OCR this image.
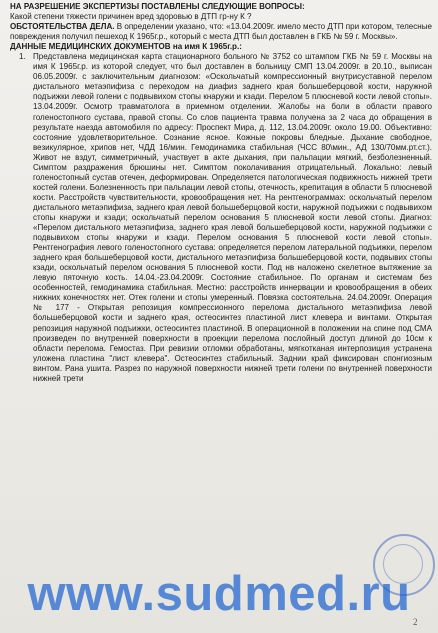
НА РАЗРЕШЕНИЕ ЭКСПЕРТИЗЫ ПОСТАВЛЕНЫ СЛЕДУЮЩИЕ ВОПРОСЫ:

Какой степени тяжести причинен вред здоровью в ДТП гр-ну К ?

ОБСТОЯТЕЛЬСТВА ДЕЛА. В определении указано, что: «13.04.2009г. имело место ДТП при котором, телесные повреждения получил пешеход К 1965г.р., который с места ДТП был доставлен в ГКБ № 59 г. Москвы».

ДАННЫЕ МЕДИЦИНСКИХ ДОКУМЕНТОВ на имя К 1965г.р.:

1. Представлена медицинская карта стационарного больного № 3752 со штампом ГКБ № 59 г. Москвы на имя К 1965г.р. из которой следует, что был доставлен в больницу СМП 13.04.2009г. в 20.10., выписан 06.05.2009г. с заключительным диагнозом: «Оскольчатый компрессионный внутрисуставной перелом дистального метаэпифиза с переходом на диафиз заднего края большеберцовой кости, наружной подъижки левой голени с подвывихом стопы кнаружи и кзади. Перелом 5 плюсневой кости левой стопы». 13.04.2009г. Осмотр травматолога в приемном отделении. Жалобы на боли в области правого голеностопного сустава, правой стопы. Со слов пациента травма получена за 2 часа до обращения в результате наезда автомобиля по адресу: Проспект Мира, д. 112, 13.04.2009г. около 19.00. Объективно: состояние удовлетворительное. Сознание ясное. Кожные покровы бледные. Дыхание свободное, везикулярное, хрипов нет, ЧДД 16/мин. Гемодинамика стабильная (ЧСС 80\мин., АД 130/70мм.рт.ст.). Живот не вздут, симметричный, участвует в акте дыхания, при пальпации мягкий, безболезненный. Симптом раздражения брюшины нет. Симптом поколачивания отрицательный. Локально: левый голеностопный сустав отечен, деформирован. Определяется патологическая подвижность нижней трети костей голени. Болезненность при пальпации левой стопы, отечность, крепитация в области 5 плюсневой кости. Расстройств чувствительности, кровообращения нет. На рентгенограммах: оскольчатый перелом дистального метаэпифиза, заднего края левой большеберцовой кости, наружной подъижки с подвывихом стопы кнаружи и кзади; оскольчатый перелом основания 5 плюсневой кости левой стопы. Диагноз: «Перелом дистального метаэпифиза, заднего края левой большеберцовой кости, наружной подъижки с подвывихом стопы кнаружи и кзади. Перелом основания 5 плюсневой кости левой стопы». Рентгенография левого голеностопного сустава: определяется перелом латеральной подъижки, перелом заднего края большеберцовой кости, дистального метаэпифиза большеберцовой кости, подвывих стопы кзади, оскольчатый перелом основания 5 плюсневой кости. Под нв наложено скелетное вытяжение за левую пяточную кость. 14.04.-23.04.2009г. Состояние стабильное. По органам и системам без особенностей, гемодинамика стабильная. Местно: расстройств иннервации и кровообращения в обеих нижних конечностях нет. Отек голени и стопы умеренный. Повязка состоятельна. 24.04.2009г. Операция № 177 - Открытая репозиция компрессионного перелома дистального метаэпифиза левой большеберцовой кости и заднего края, остеосинтез пластиной лист клевера и винтами. Открытая репозиция наружной подъижки, остеосинтез пластиной. В операционной в положении на спине под СМА произведен по внутренней поверхности в проекции перелома послойный доступ длиной до 10см к области перелома. Гемостаз. При ревизии отломки обработаны, мягкотканая интерпозиция устранена уложена пластина "лист клевера". Остеосинтез стабильный. Заднии край фиксирован спонгиозным винтом. Рана ушита. Разрез по наружной поверхности нижней трети голени по внутренней поверхности нижней трети

www.sudmed.ru
2
